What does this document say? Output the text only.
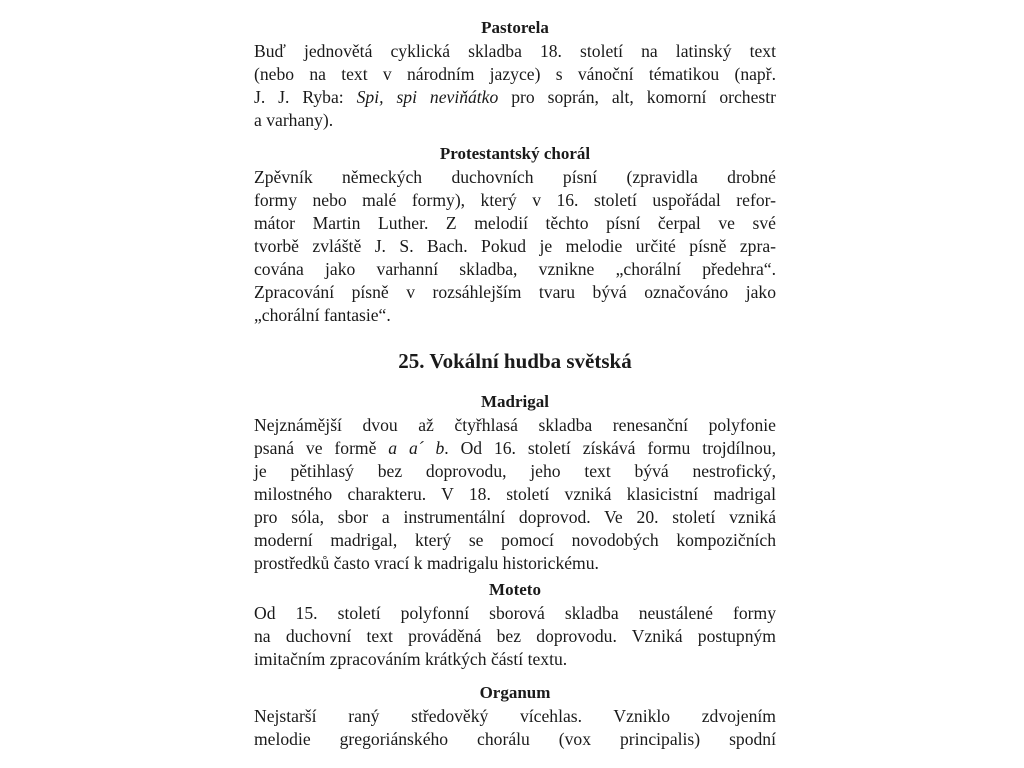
Pastorela
Buď jednovětá cyklická skladba 18. století na latinský text
(nebo na text v národním jazyce) s vánoční tématikou (např.
J. J. Ryba: Spi, spi neviňátko pro soprán, alt, komorní orchestr
a varhany).
Protestantský chorál
Zpěvník německých duchovních písní (zpravidla drobné
formy nebo malé formy), který v 16. století uspořádal refor-
mátor Martin Luther. Z melodií těchto písní čerpal ve své
tvorbě zvláště J. S. Bach. Pokud je melodie určité písně zpra-
cována jako varhanní skladba, vznikne „chorální předehra“.
Zpracování písně v rozsáhlejším tvaru bývá označováno jako
„chorální fantasie“.
25. Vokální hudba světská
Madrigal
Nejznámější dvou až čtyřhlasá skladba renesanční polyfonie
psaná ve formě a a´ b. Od 16. století získává formu trojdílnou,
je pětihlasý bez doprovodu, jeho text bývá nestrofický,
milostného charakteru. V 18. století vzniká klasicistní madrigal
pro sóla, sbor a instrumentální doprovod. Ve 20. století vzniká
moderní madrigal, který se pomocí novodobých kompozičních
prostředků často vrací k madrigalu historickému.
Moteto
Od 15. století polyfonní sborová skladba neustálené formy
na duchovní text prováděná bez doprovodu. Vzniká postupným
imitačním zpracováním krátkých částí textu.
Organum
Nejstarší raný středověký vícehlas. Vzniklo zdvojením
melodie gregoriánského chorálu (vox principalis) spodní
